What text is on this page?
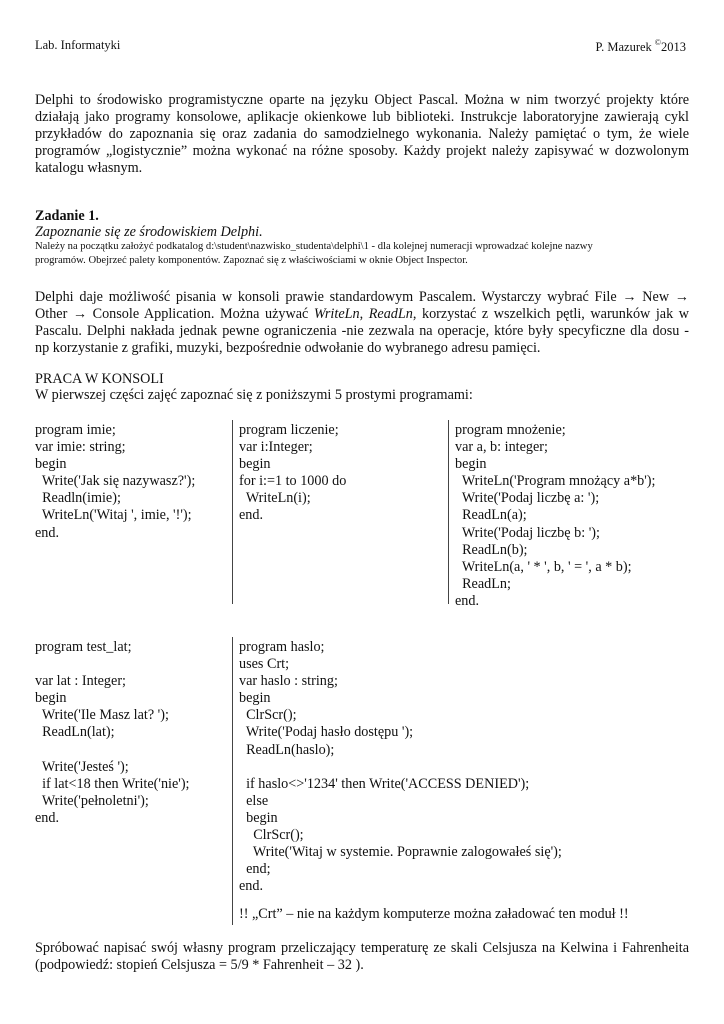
Lab. Informatyki	P. Mazurek ©2013
Delphi to środowisko programistyczne oparte na języku Object Pascal. Można w nim tworzyć projekty które
działają jako programy konsolowe, aplikacje okienkowe lub biblioteki. Instrukcje laboratoryjne zawierają cykl
przykładów do zapoznania się oraz zadania do samodzielnego wykonania. Należy pamiętać o tym, że wiele
programów „logistycznie” można wykonać na różne sposoby. Każdy projekt należy zapisywać w dozwolonym
katalogu własnym.
Zadanie 1.
Zapoznanie się ze środowiskiem Delphi.
Należy na początku założyć podkatalog d:\student\nazwisko_studenta\delphi\1 - dla kolejnej numeracji wprowadzać kolejne nazwy
programów. Obejrzeć palety komponentów. Zapoznać się z właściwościami w oknie Object Inspector.
Delphi daje możliwość pisania w konsoli prawie standardowym Pascalem. Wystarczy wybrać File → New →
Other → Console Application. Można używać WriteLn, ReadLn, korzystać z wszelkich pętli, warunków jak w
Pascalu. Delphi nakłada jednak pewne ograniczenia -nie zezwala na operacje, które były specyficzne dla dosu -
np korzystanie z grafiki, muzyki, bezpośrednie odwołanie do wybranego adresu pamięci.
PRACA W KONSOLI
W pierwszej części zajęć zapoznać się z poniższymi 5 prostymi programami:
program imie;
var imie: string;
begin
Write('Jak się nazywasz?');
Readln(imie);
WriteLn('Witaj ', imie, '!');
end.
program liczenie;
var i:Integer;
begin
for i:=1 to 1000 do
WriteLn(i);
end.
program mnożenie;
var a, b: integer;
begin
WriteLn('Program mnożący a*b');
Write('Podaj liczbę a: ');
ReadLn(a);
Write('Podaj liczbę b: ');
ReadLn(b);
WriteLn(a, ' * ', b, ' = ', a * b);
ReadLn;
end.
program test_lat;

var lat : Integer;
begin
Write('Ile Masz lat? ');
ReadLn(lat);

Write('Jesteś ');
if lat<18 then Write('nie');
Write('pełnoletni');
end.
program haslo;
uses Crt;
var haslo : string;
begin
ClrScr();
Write('Podaj hasło dostępu ');
ReadLn(haslo);

if haslo<>'1234' then Write('ACCESS DENIED');
else
begin
ClrScr();
Write('Witaj w systemie. Poprawnie zalogowałeś się');
end;
end.
!! „Crt” – nie na każdym komputerze można załadować ten moduł !!
Spróbować napisać swój własny program przeliczający temperaturę ze skali Celsjusza na Kelwina i Fahrenheita
(podpowiedź: stopień Celsjusza = 5/9 * Fahrenheit – 32 ).
